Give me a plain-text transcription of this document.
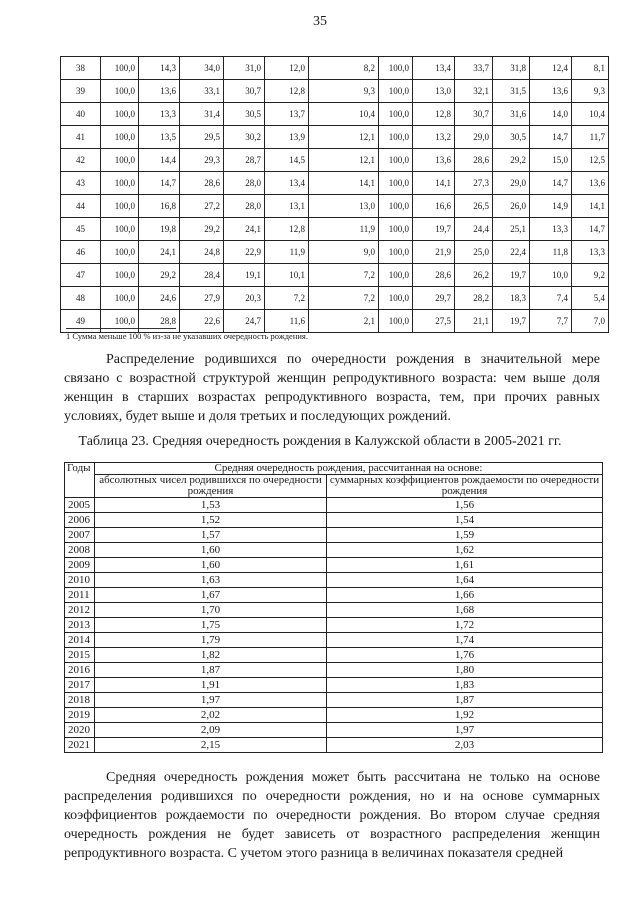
35
38	100,0	14,3	34,0	31,0	12,0	8,2	100,0	13,4	33,7	31,8	12,4	8,1
39	100,0	13,6	33,1	30,7	12,8	9,3	100,0	13,0	32,1	31,5	13,6	9,3
40	100,0	13,3	31,4	30,5	13,7	10,4	100,0	12,8	30,7	31,6	14,0	10,4
41	100,0	13,5	29,5	30,2	13,9	12,1	100,0	13,2	29,0	30,5	14,7	11,7
42	100,0	14,4	29,3	28,7	14,5	12,1	100,0	13,6	28,6	29,2	15,0	12,5
43	100,0	14,7	28,6	28,0	13,4	14,1	100,0	14,1	27,3	29,0	14,7	13,6
44	100,0	16,8	27,2	28,0	13,1	13,0	100,0	16,6	26,5	26,0	14,9	14,1
45	100,0	19,8	29,2	24,1	12,8	11,9	100,0	19,7	24,4	25,1	13,3	14,7
46	100,0	24,1	24,8	22,9	11,9	9,0	100,0	21,9	25,0	22,4	11,8	13,3
47	100,0	29,2	28,4	19,1	10,1	7,2	100,0	28,6	26,2	19,7	10,0	9,2
48	100,0	24,6	27,9	20,3	7,2	7,2	100,0	29,7	28,2	18,3	7,4	5,4
49	100,0	28,8	22,6	24,7	11,6	2,1	100,0	27,5	21,1	19,7	7,7	7,0
1 Сумма меньше 100 % из-за не указавших очередность рождения.

Распределение родившихся по очередности рождения в значительной мере связано с возрастной структурой женщин репродуктивного возраста: чем выше доля женщин в старших возрастах репродуктивного возраста, тем, при прочих равных условиях, будет выше и доля третьих и последующих рождений.

Таблица 23. Средняя очередность рождения в Калужской области в 2005-2021 гг.
Годы	Средняя очередность рождения, рассчитанная на основе:	
	абсолютных чисел родившихся по очередности рождения	суммарных коэффициентов рождаемости по очередности рождения
2005	1,53	1,56
2006	1,52	1,54
2007	1,57	1,59
2008	1,60	1,62
2009	1,60	1,61
2010	1,63	1,64
2011	1,67	1,66
2012	1,70	1,68
2013	1,75	1,72
2014	1,79	1,74
2015	1,82	1,76
2016	1,87	1,80
2017	1,91	1,83
2018	1,97	1,87
2019	2,02	1,92
2020	2,09	1,97
2021	2,15	2,03

Средняя очередность рождения может быть рассчитана не только на основе распределения родившихся по очередности рождения, но и на основе суммарных коэффициентов рождаемости по очередности рождения. Во втором случае средняя очередность рождения не будет зависеть от возрастного распределения женщин репродуктивного возраста. С учетом этого разница в величинах показателя средней
